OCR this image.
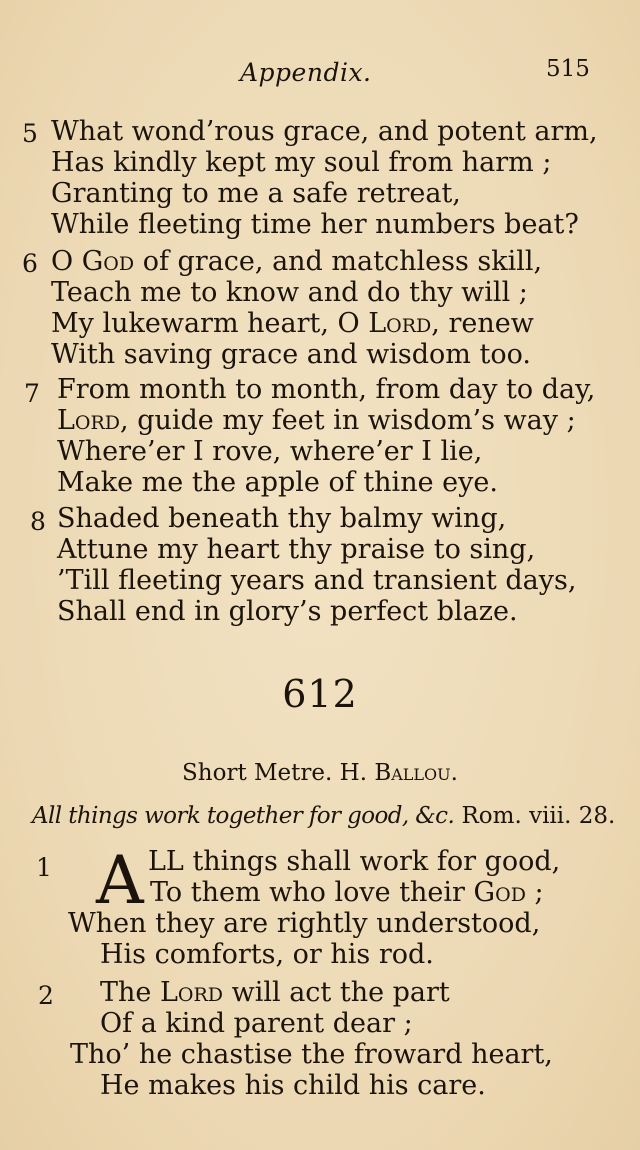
Appendix.	515
5 What wond’rous grace, and potent arm,
Has kindly kept my soul from harm ;
Granting to me a safe retreat,
While fleeting time her numbers beat?
6 O God of grace, and matchless skill,
Teach me to know and do thy will ;
My lukewarm heart, O Lord, renew
With saving grace and wisdom too.
7 From month to month, from day to day,
Lord, guide my feet in wisdom’s way ;
Where’er I rove, where’er I lie,
Make me the apple of thine eye.
8 Shaded beneath thy balmy wing,
Attune my heart thy praise to sing,
’Till fleeting years and transient days,
Shall end in glory’s perfect blaze.
612
Short Metre. H. Ballou.
All things work together for good, &c. Rom. viii. 28.
1 A LL things shall work for good,
To them who love their God ;
When they are rightly understood,
His comforts, or his rod.
2 The Lord will act the part
Of a kind parent dear ;
Tho’ he chastise the froward heart,
He makes his child his care.
